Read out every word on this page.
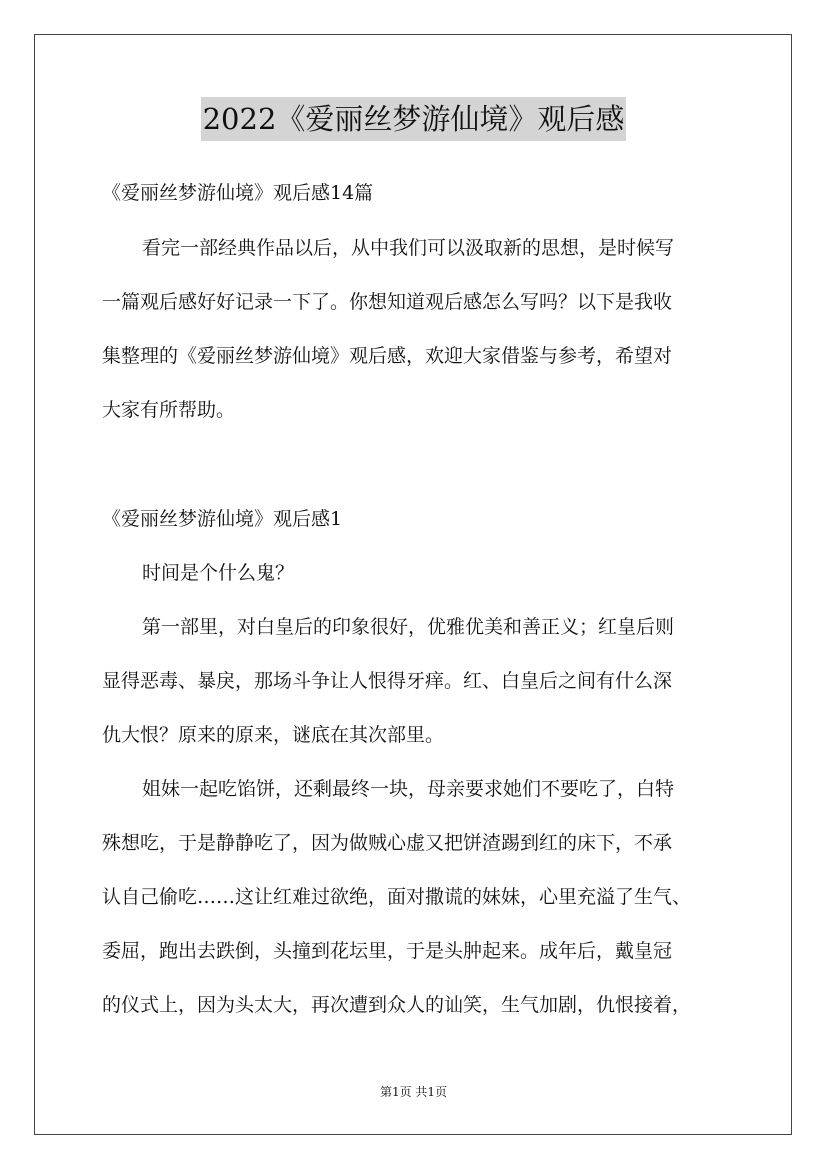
2022《爱丽丝梦游仙境》观后感
《爱丽丝梦游仙境》观后感14篇
看完一部经典作品以后，从中我们可以汲取新的思想，是时候写
一篇观后感好好记录一下了。你想知道观后感怎么写吗？以下是我收
集整理的《爱丽丝梦游仙境》观后感，欢迎大家借鉴与参考，希望对
大家有所帮助。
《爱丽丝梦游仙境》观后感1
时间是个什么鬼？
第一部里，对白皇后的印象很好，优雅优美和善正义；红皇后则
显得恶毒、暴戾，那场斗争让人恨得牙痒。红、白皇后之间有什么深
仇大恨？原来的原来，谜底在其次部里。
姐妹一起吃馅饼，还剩最终一块，母亲要求她们不要吃了，白特
殊想吃，于是静静吃了，因为做贼心虚又把饼渣踢到红的床下，不承
认自己偷吃……这让红难过欲绝，面对撒谎的妹妹，心里充溢了生气、
委屈，跑出去跌倒，头撞到花坛里，于是头肿起来。成年后，戴皇冠
的仪式上，因为头太大，再次遭到众人的讪笑，生气加剧，仇恨接着，
第1页 共1页
